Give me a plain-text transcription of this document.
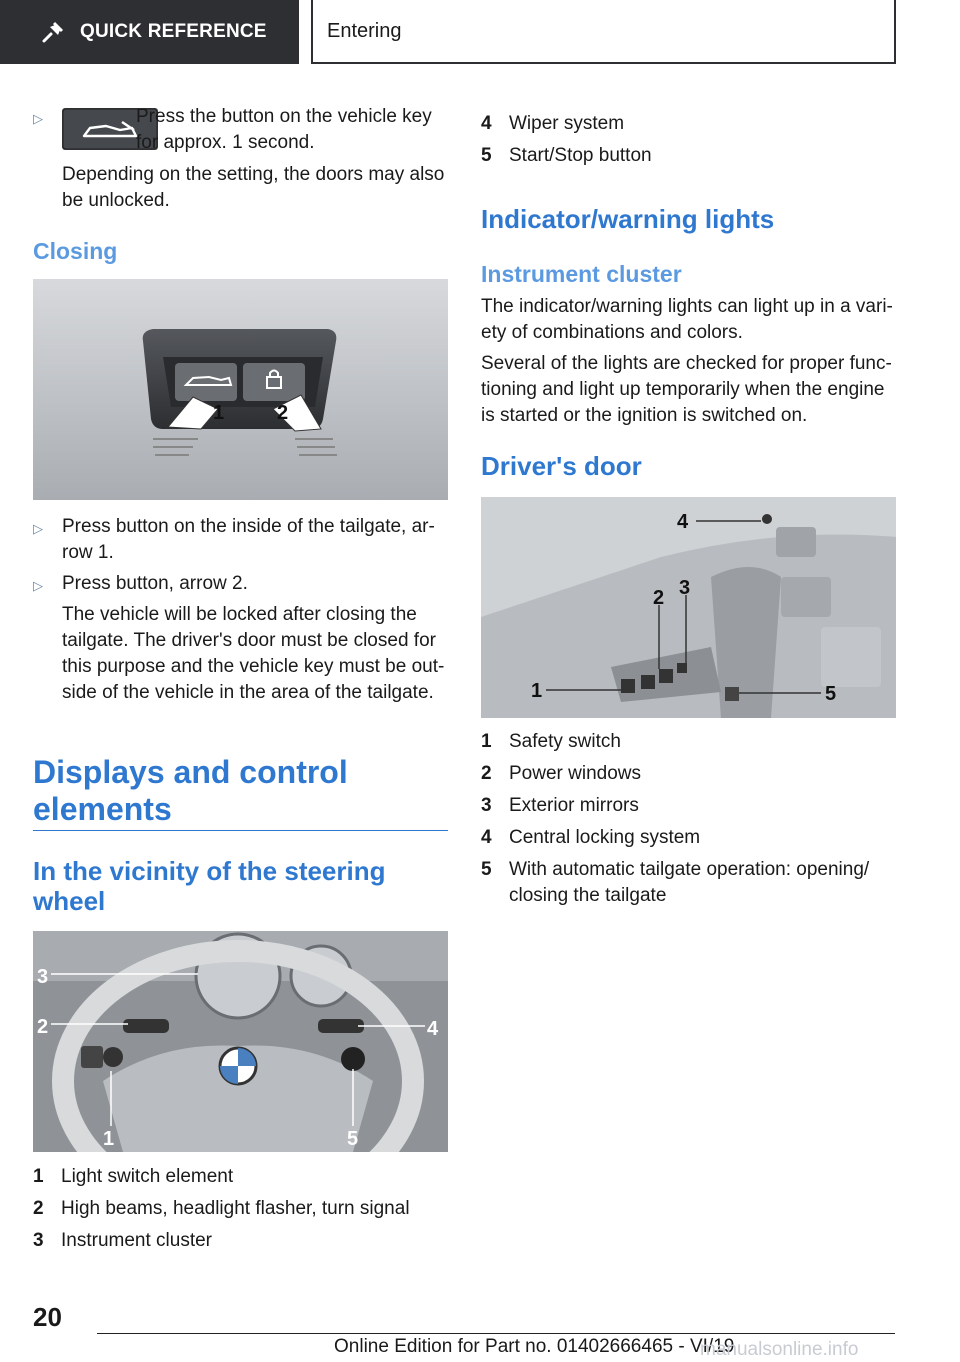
QUICK REFERENCE	Entering
▷	Press the button on the vehicle key for approx. 1 second.

Depending on the setting, the doors may also be unlocked.

Closing
1	2
▷ Press button on the inside of the tailgate, ar-row 1.

▷ Press button, arrow 2.

The vehicle will be locked after closing the tailgate. The driver's door must be closed for this purpose and the vehicle key must be out-side of the vehicle in the area of the tailgate.

Displays and control elements
In the vicinity of the steering wheel
3
2
1	5
4
1 Light switch element
2 High beams, headlight flasher, turn signal
3 Instrument cluster
4 Wiper system
5 Start/Stop button
Indicator/warning lights
Instrument cluster

The indicator/warning lights can light up in a vari-ety of combinations and colors.

Several of the lights are checked for proper func-tioning and light up temporarily when the engine is started or the ignition is switched on.

Driver's door
4
2 3
1	5
1 Safety switch
2 Power windows
3 Exterior mirrors
4 Central locking system
5 With automatic tailgate operation: opening/ closing the tailgate
20
Online Edition for Part no. 01402666465 - VI/19
manualsonline.info
